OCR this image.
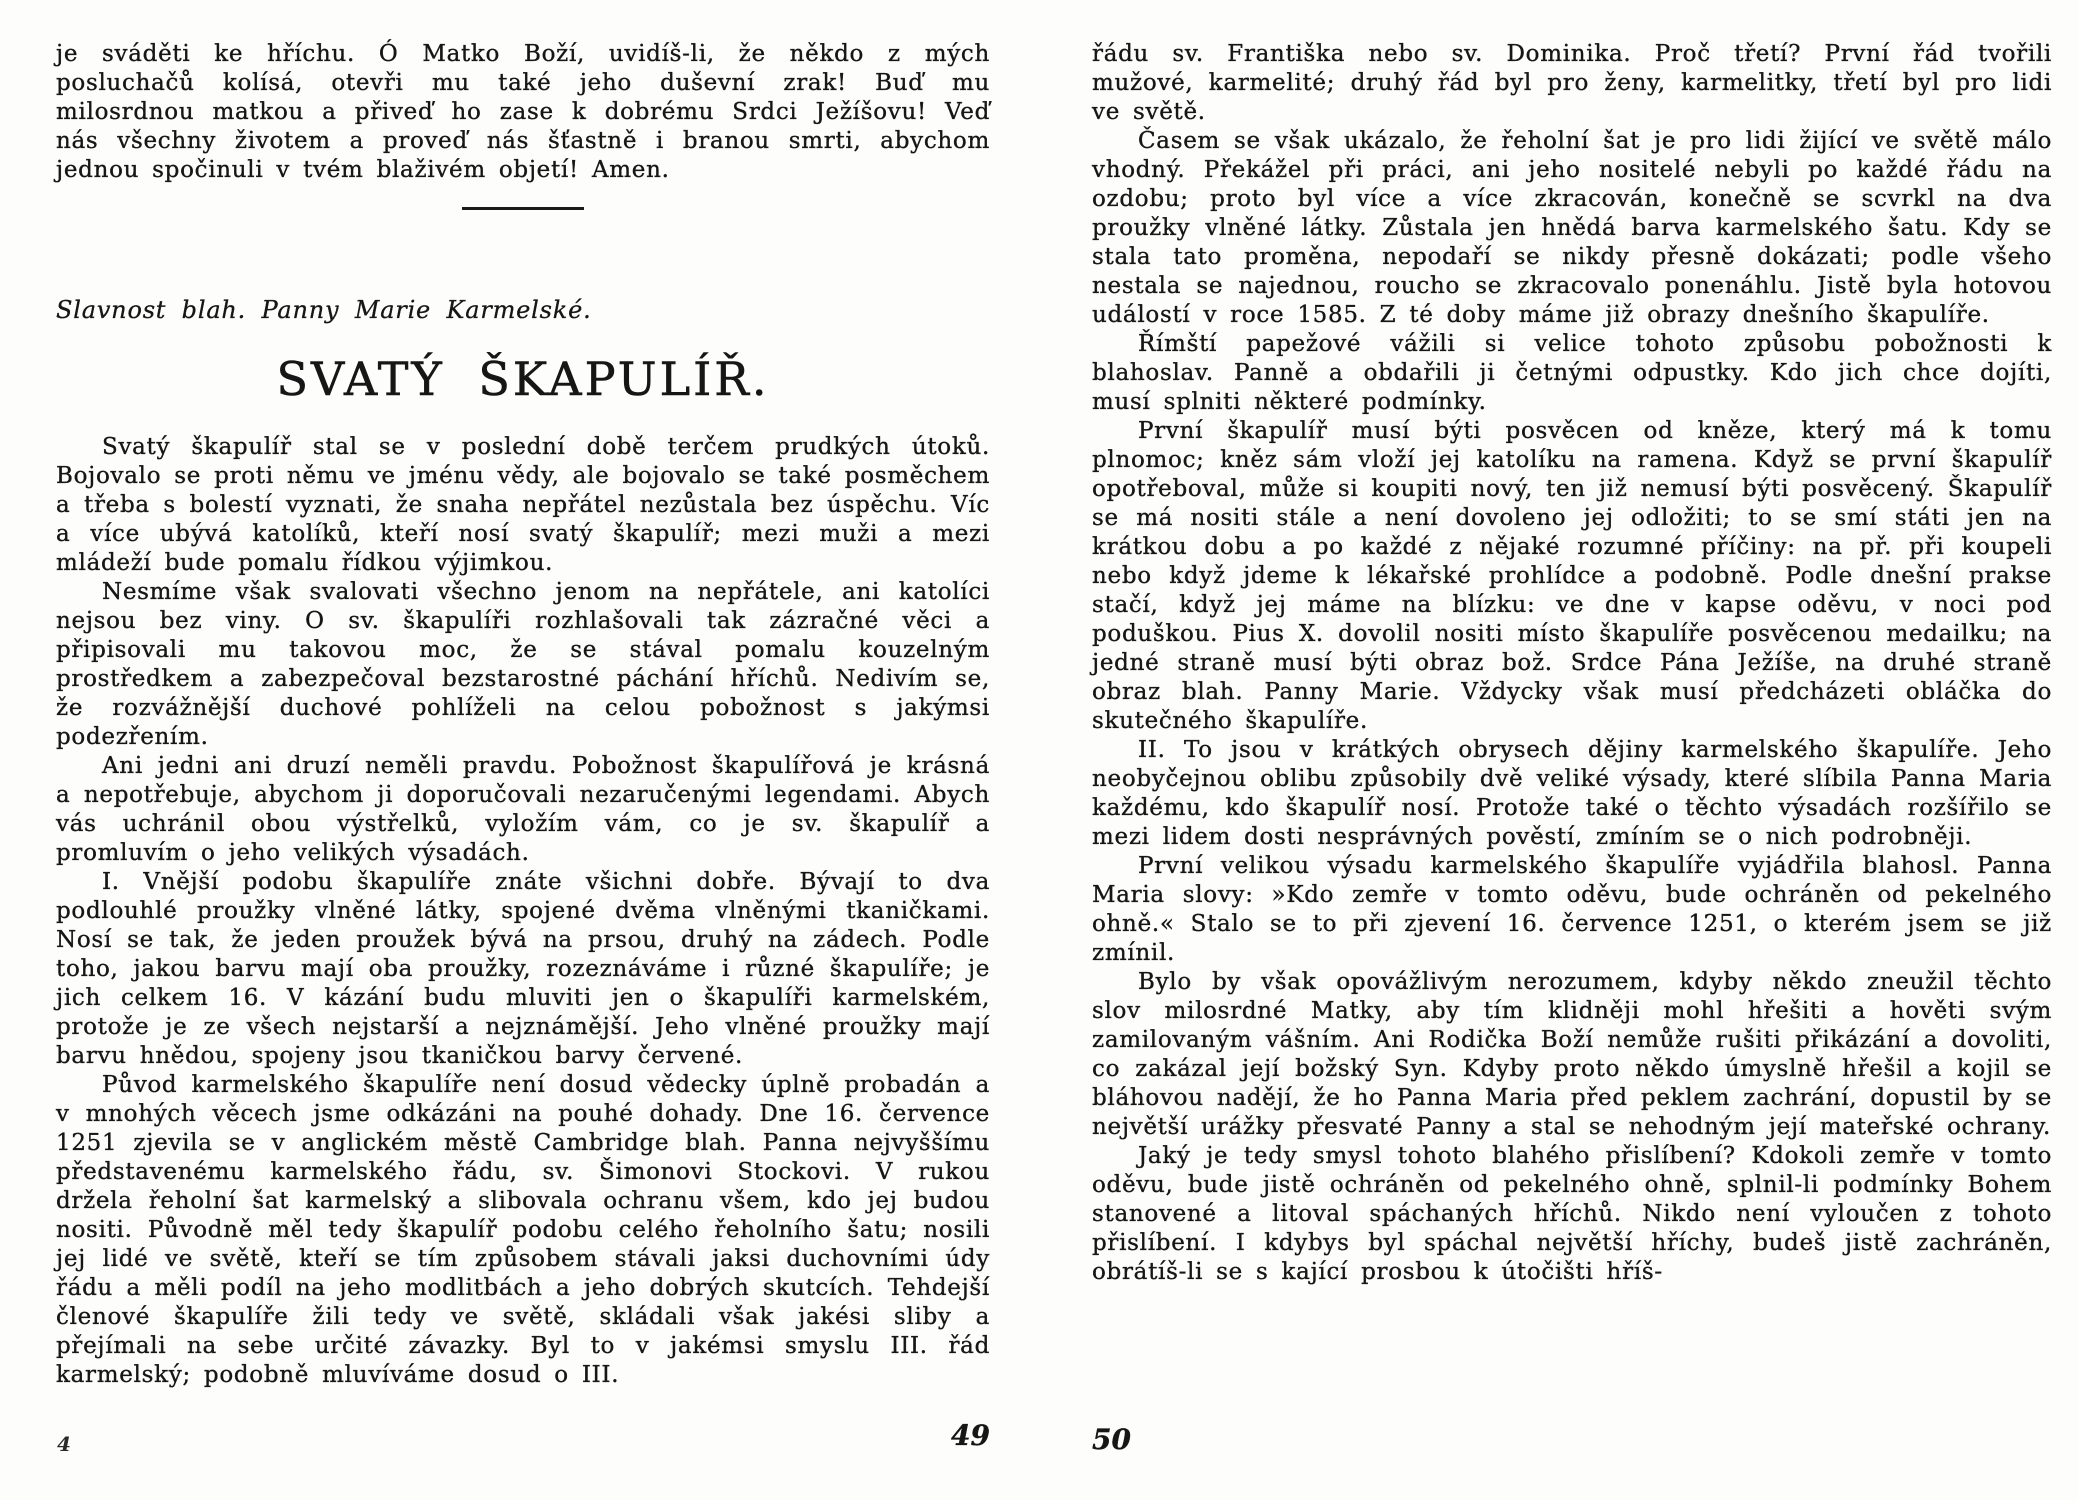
je sváděti ke hříchu. Ó Matko Boží, uvidíš-li, že někdo z mých posluchačů kolísá, otevři mu také jeho duševní zrak! Buď mu milosrdnou matkou a přiveď ho zase k dobrému Srdci Ježíšovu! Veď nás všechny životem a proveď nás šťastně i branou smrti, abychom jednou spočinuli v tvém blaživém objetí! Amen.

Slavnost blah. Panny Marie Karmelské.

SVATÝ ŠKAPULÍŘ.

Svatý škapulíř stal se v poslední době terčem prudkých útoků. Bojovalo se proti němu ve jménu vědy, ale bojovalo se také posměchem a třeba s bolestí vyznati, že snaha nepřátel nezůstala bez úspěchu. Víc a více ubývá katolíků, kteří nosí svatý škapulíř; mezi muži a mezi mládeží bude pomalu řídkou výjimkou.

Nesmíme však svalovati všechno jenom na nepřátele, ani katolíci nejsou bez viny. O sv. škapulíři rozhlašovali tak zázračné věci a připisovali mu takovou moc, že se stával pomalu kouzelným prostředkem a zabezpečoval bezstarostné páchání hříchů. Nedivím se, že rozvážnější duchové pohlíželi na celou pobožnost s jakýmsi podezřením.

Ani jedni ani druzí neměli pravdu. Pobožnost škapulířová je krásná a nepotřebuje, abychom ji doporučovali nezaručenými legendami. Abych vás uchránil obou výstřelků, vyložím vám, co je sv. škapulíř a promluvím o jeho velikých výsadách.

I. Vnější podobu škapulíře znáte všichni dobře. Bývají to dva podlouhlé proužky vlněné látky, spojené dvěma vlněnými tkaničkami. Nosí se tak, že jeden proužek bývá na prsou, druhý na zádech. Podle toho, jakou barvu mají oba proužky, rozeznáváme i různé škapulíře; je jich celkem 16. V kázání budu mluviti jen o škapulíři karmelském, protože je ze všech nejstarší a nejznámější. Jeho vlněné proužky mají barvu hnědou, spojeny jsou tkaničkou barvy červené.

Původ karmelského škapulíře není dosud vědecky úplně probadán a v mnohých věcech jsme odkázáni na pouhé dohady. Dne 16. července 1251 zjevila se v anglickém městě Cambridge blah. Panna nejvyššímu představenému karmelského řádu, sv. Šimonovi Stockovi. V rukou držela řeholní šat karmelský a slibovala ochranu všem, kdo jej budou nositi. Původně měl tedy škapulíř podobu celého řeholního šatu; nosili jej lidé ve světě, kteří se tím způsobem stávali jaksi duchovními údy řádu a měli podíl na jeho modlitbách a jeho dobrých skutcích. Tehdejší členové škapulíře žili tedy ve světě, skládali však jakési sliby a přejímali na sebe určité závazky. Byl to v jakémsi smyslu III. řád karmelský; podobně mluvíváme dosud o III.

řádu sv. Františka nebo sv. Dominika. Proč třetí? První řád tvořili mužové, karmelité; druhý řád byl pro ženy, karmelitky, třetí byl pro lidi ve světě.

Časem se však ukázalo, že řeholní šat je pro lidi žijící ve světě málo vhodný. Překážel při práci, ani jeho nositelé nebyli po každé řádu na ozdobu; proto byl více a více zkracován, konečně se scvrkl na dva proužky vlněné látky. Zůstala jen hnědá barva karmelského šatu. Kdy se stala tato proměna, nepodaří se nikdy přesně dokázati; podle všeho nestala se najednou, roucho se zkracovalo ponenáhlu. Jistě byla hotovou událostí v roce 1585. Z té doby máme již obrazy dnešního škapulíře.

Římští papežové vážili si velice tohoto způsobu pobožnosti k blahoslav. Panně a obdařili ji četnými odpustky. Kdo jich chce dojíti, musí splniti některé podmínky.

První škapulíř musí býti posvěcen od kněze, který má k tomu plnomoc; kněz sám vloží jej katolíku na ramena. Když se první škapulíř opotřeboval, může si koupiti nový, ten již nemusí býti posvěcený. Škapulíř se má nositi stále a není dovoleno jej odložiti; to se smí státi jen na krátkou dobu a po každé z nějaké rozumné příčiny: na př. při koupeli nebo když jdeme k lékařské prohlídce a podobně. Podle dnešní prakse stačí, když jej máme na blízku: ve dne v kapse oděvu, v noci pod poduškou. Pius X. dovolil nositi místo škapulíře posvěcenou medailku; na jedné straně musí býti obraz bož. Srdce Pána Ježíše, na druhé straně obraz blah. Panny Marie. Vždycky však musí předcházeti obláčka do skutečného škapulíře.

II. To jsou v krátkých obrysech dějiny karmelského škapulíře. Jeho neobyčejnou oblibu způsobily dvě veliké výsady, které slíbila Panna Maria každému, kdo škapulíř nosí. Protože také o těchto výsadách rozšířilo se mezi lidem dosti nesprávných pověstí, zmíním se o nich podrobněji.

První velikou výsadu karmelského škapulíře vyjádřila blahosl. Panna Maria slovy: »Kdo zemře v tomto oděvu, bude ochráněn od pekelného ohně.« Stalo se to při zjevení 16. července 1251, o kterém jsem se již zmínil.

Bylo by však opovážlivým nerozumem, kdyby někdo zneužil těchto slov milosrdné Matky, aby tím klidněji mohl hřešiti a hověti svým zamilovaným vášním. Ani Rodička Boží nemůže rušiti přikázání a dovoliti, co zakázal její božský Syn. Kdyby proto někdo úmyslně hřešil a kojil se bláhovou nadějí, že ho Panna Maria před peklem zachrání, dopustil by se největší urážky přesvaté Panny a stal se nehodným její mateřské ochrany.

Jaký je tedy smysl tohoto blahého přislíbení? Kdokoli zemře v tomto oděvu, bude jistě ochráněn od pekelného ohně, splnil-li podmínky Bohem stanovené a litoval spáchaných hříchů. Nikdo není vyloučen z tohoto přislíbení. I kdybys byl spáchal největší hříchy, budeš jistě zachráněn, obrátíš-li se s kající prosbou k útočišti hříš-

49	50
4
